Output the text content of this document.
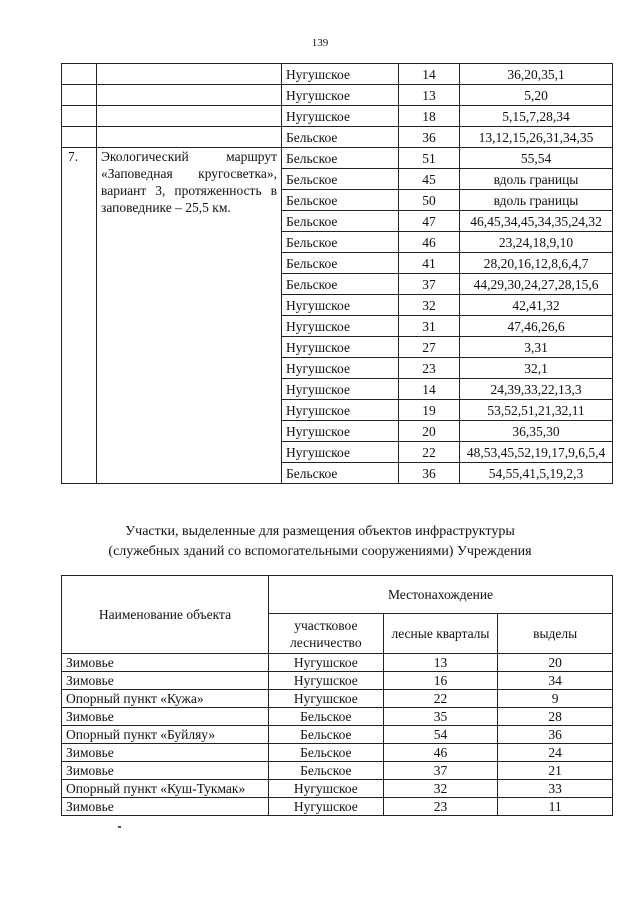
139
		Нугушское	14	36,20,35,1
		Нугушское	13	5,20
		Нугушское	18	5,15,7,28,34
		Бельское	36	13,12,15,26,31,34,35
7.	Экологический маршрут «Заповедная кругосветка», вариант 3, протяженность в заповеднике – 25,5 км.	Бельское	51	55,54
		Бельское	45	вдоль границы
		Бельское	50	вдоль границы
		Бельское	47	46,45,34,45,34,35,24,32
		Бельское	46	23,24,18,9,10
		Бельское	41	28,20,16,12,8,6,4,7
		Бельское	37	44,29,30,24,27,28,15,6
		Нугушское	32	42,41,32
		Нугушское	31	47,46,26,6
		Нугушское	27	3,31
		Нугушское	23	32,1
		Нугушское	14	24,39,33,22,13,3
		Нугушское	19	53,52,51,21,32,11
		Нугушское	20	36,35,30
		Нугушское	22	48,53,45,52,19,17,9,6,5,4
		Бельское	36	54,55,41,5,19,2,3
Участки, выделенные для размещения объектов инфраструктуры
(служебных зданий со вспомогательными сооружениями) Учреждения
Наименование объекта	Местонахождение		
	участковое лесничество	лесные кварталы	выделы
Зимовье	Нугушское	13	20
Зимовье	Нугушское	16	34
Опорный пункт «Кужа»	Нугушское	22	9
Зимовье	Бельское	35	28
Опорный пункт «Буйляу»	Бельское	54	36
Зимовье	Бельское	46	24
Зимовье	Бельское	37	21
Опорный пункт «Куш-Тукмак»	Нугушское	32	33
Зимовье	Нугушское	23	11
